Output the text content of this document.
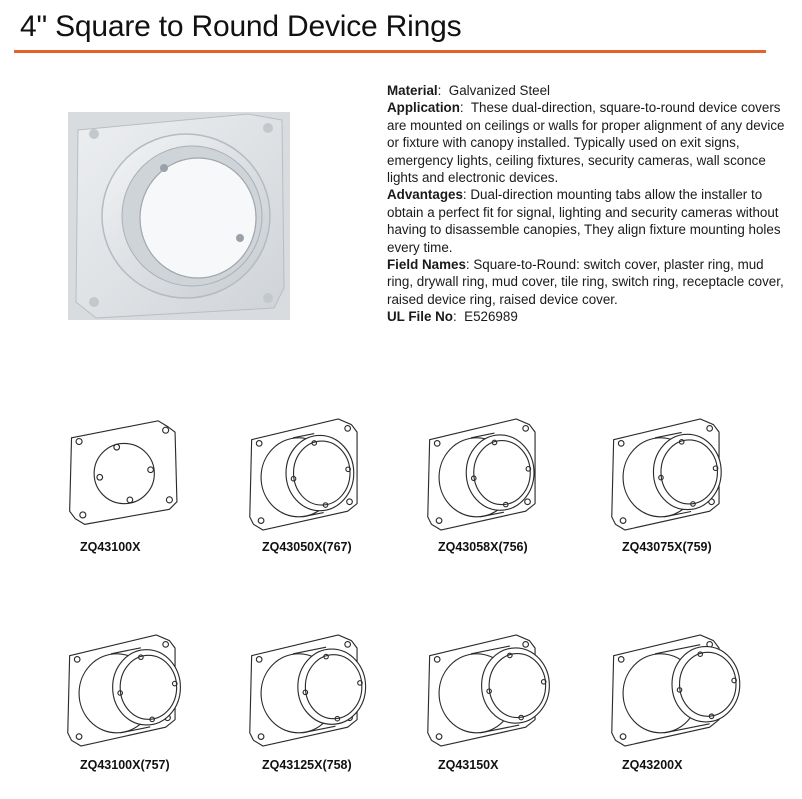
4" Square to Round Device Rings

Material: Galvanized Steel

Application: These dual-direction, square-to-round device covers are mounted on ceilings or walls for proper alignment of any device or fixture with canopy installed. Typically used on exit signs, emergency lights, ceiling fixtures, security cameras, wall sconce lights and electronic devices.

Advantages: Dual-direction mounting tabs allow the installer to obtain a perfect fit for signal, lighting and security cameras without having to disassemble canopies, They align fixture mounting holes every time.

Field Names: Square-to-Round: switch cover, plaster ring, mud ring, drywall ring, mud cover, tile ring, switch ring, receptacle cover, raised device ring, raised device cover.

UL File No: E526989

ZQ43100X	ZQ43050X(767)	ZQ43058X(756)	ZQ43075X(759)
ZQ43100X(757)	ZQ43125X(758)	ZQ43150X	ZQ43200X
